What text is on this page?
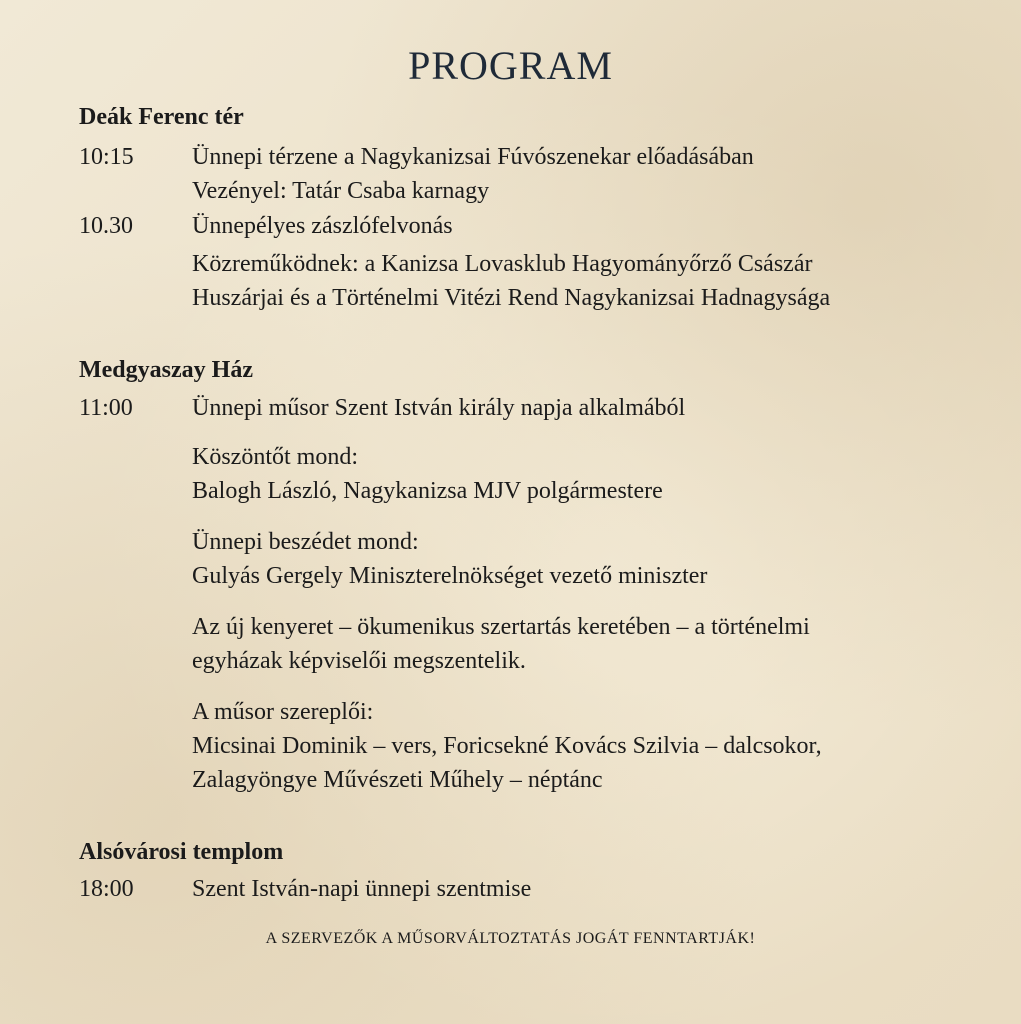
PROGRAM
Deák Ferenc tér
10:15 Ünnepi térzene a Nagykanizsai Fúvószenekar előadásában
Vezényel: Tatár Csaba karnagy
10.30 Ünnepélyes zászlófelvonás
Közreműködnek: a Kanizsa Lovasklub Hagyományőrző Császár
Huszárjai és a Történelmi Vitézi Rend Nagykanizsai Hadnagysága
Medgyaszay Ház
11:00 Ünnepi műsor Szent István király napja alkalmából
Köszöntőt mond:
Balogh László, Nagykanizsa MJV polgármestere
Ünnepi beszédet mond:
Gulyás Gergely Miniszterelnökséget vezető miniszter
Az új kenyeret – ökumenikus szertartás keretében – a történelmi
egyházak képviselői megszentelik.
A műsor szereplői:
Micsinai Dominik – vers, Foricsekné Kovács Szilvia – dalcsokor,
Zalagyöngye Művészeti Műhely – néptánc
Alsóvárosi templom
18:00 Szent István-napi ünnepi szentmise
A SZERVEZŐK A MŰSORVÁLTOZTATÁS JOGÁT FENNTARTJÁK!
